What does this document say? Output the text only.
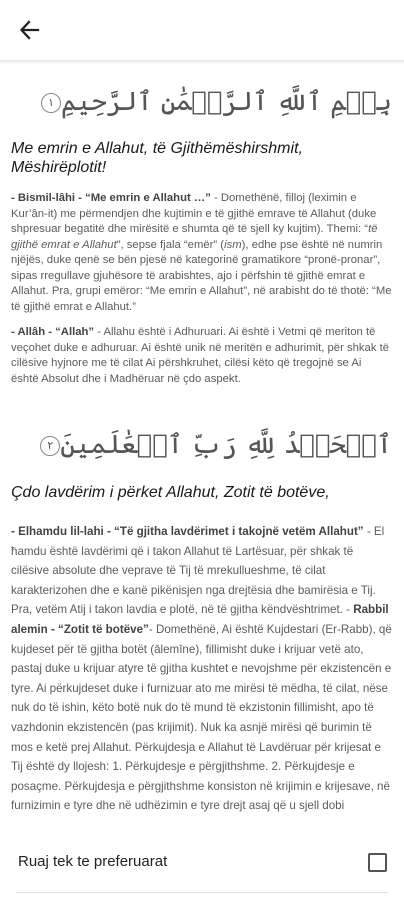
بِسۡمِ ٱللَّهِ ٱلرَّحۡمَٰنِ ٱلرَّحِيمِ١
Me emrin e Allahut, të Gjithëmëshirshmit, Mëshirëplotit!
- Bismil-lâhi - “Me emrin e Allahut …” - Domethënë, filloj (leximin e Kur’ân-it) me përmendjen dhe kujtimin e të gjithë emrave të Allahut (duke shpresuar begatitë dhe mirësitë e shumta që të sjell ky kujtim). Themi: “të gjithë emrat e Allahut”, sepse fjala “emër” (ism), edhe pse është në numrin njëjës, duke qenë se bën pjesë në kategorinë gramatikore “pronë-pronar”, sipas rregullave gjuhësore të arabishtes, ajo i përfshin të gjithë emrat e Allahut. Pra, grupi emëror: “Me emrin e Allahut”, në arabisht do të thotë: “Me të gjithë emrat e Allahut.”
- Allâh - “Allah” - Allahu është i Adhuruari. Ai është i Vetmi që meriton të veçohet duke e adhuruar. Ai është unik në meritën e adhurimit, për shkak të cilësive hyjnore me të cilat Ai përshkruhet, cilësi këto që tregojnë se Ai është Absolut dhe i Madhëruar në çdo aspekt.
ٱلۡحَمۡدُ لِلَّهِ رَبِّ ٱلۡعَٰلَمِينَ٢
Çdo lavdërim i përket Allahut, Zotit të botëve,
- Elhamdu lil-lahi - “Të gjitha lavdërimet i takojnë vetëm Allahut” - El ħamdu është lavdërimi që i takon Allahut të Lartësuar, për shkak të cilësive absolute dhe veprave të Tij të mrekullueshme, të cilat karakterizohen dhe e kanë pikënisjen nga drejtësia dhe bamirësia e Tij. Pra, vetëm Atij i takon lavdia e plotë, në të gjitha këndvështrimet. - Rabbil alemin - “Zotit të botëve”- Domethënë, Ai është Kujdestari (Er-Rabb), që kujdeset për të gjitha botët (ālemīne), fillimisht duke i krijuar vetë ato, pastaj duke u krijuar atyre të gjitha kushtet e nevojshme për ekzistencën e tyre. Ai përkujdeset duke i furnizuar ato me mirësi të mëdha, të cilat, nëse nuk do të ishin, këto botë nuk do të mund të ekzistonin fillimisht, apo të vazhdonin ekzistencën (pas krijimit). Nuk ka asnjë mirësi që burimin të mos e ketë prej Allahut. Përkujdesja e Allahut të Lavdëruar për krijesat e Tij është dy llojesh: 1. Përkujdesje e përgjithshme. 2. Përkujdesje e posaçme. Përkujdesja e përgjithshme konsiston në krijimin e krijesave, në furnizimin e tyre dhe në udhëzimin e tyre drejt asaj që u sjell dobi
Ruaj tek te preferuarat
